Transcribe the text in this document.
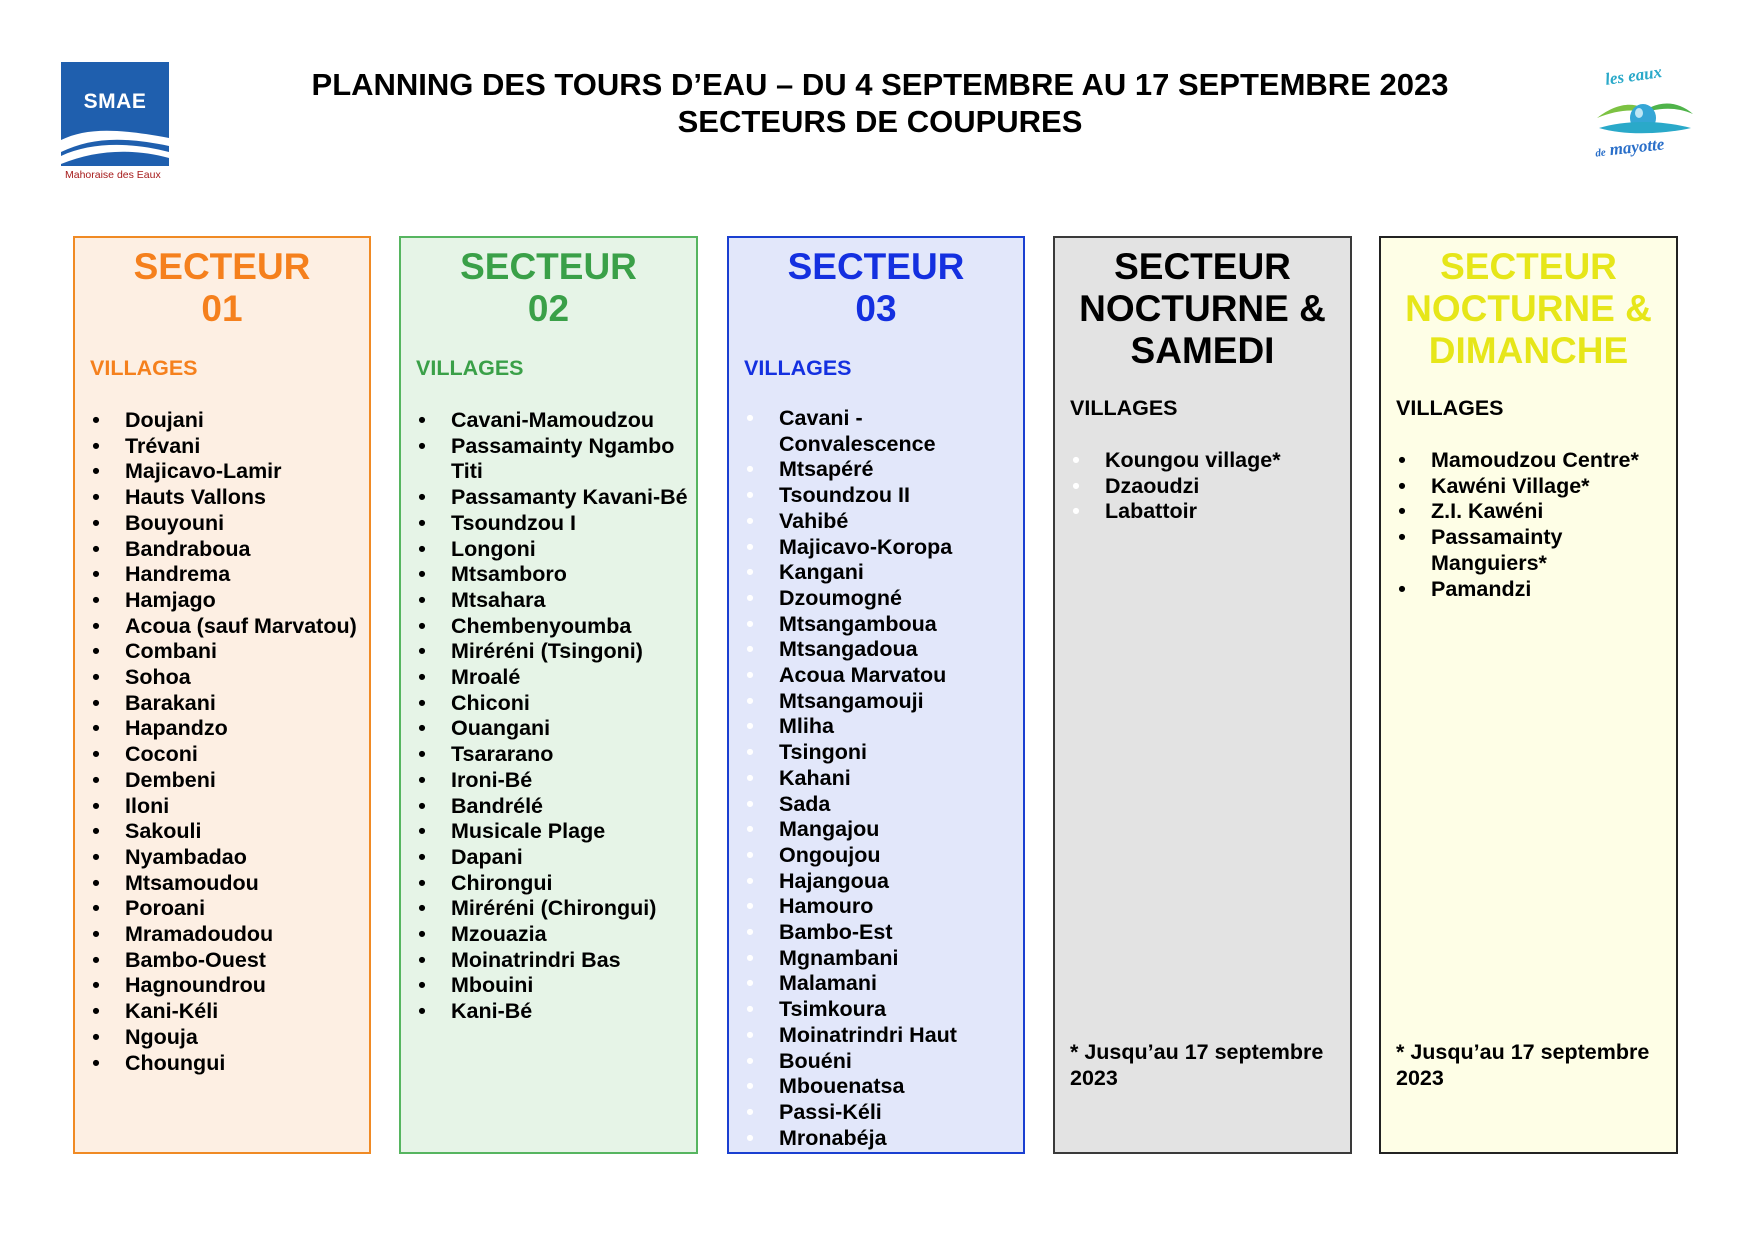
SMAE
Mahoraise des Eaux
PLANNING DES TOURS D’EAU – DU 4 SEPTEMBRE AU 17 SEPTEMBRE 2023
SECTEURS DE COUPURES
les eaux
de mayotte
SECTEUR
01

VILLAGES

• Doujani
• Trévani
• Majicavo-Lamir
• Hauts Vallons
• Bouyouni
• Bandraboua
• Handrema
• Hamjago
• Acoua (sauf Marvatou)
• Combani
• Sohoa
• Barakani
• Hapandzo
• Coconi
• Dembeni
• Iloni
• Sakouli
• Nyambadao
• Mtsamoudou
• Poroani
• Mramadoudou
• Bambo-Ouest
• Hagnoundrou
• Kani-Kéli
• Ngouja
• Choungui
SECTEUR
02

VILLAGES

• Cavani-Mamoudzou
• Passamainty Ngambo Titi
• Passamanty Kavani-Bé
• Tsoundzou I
• Longoni
• Mtsamboro
• Mtsahara
• Chembenyoumba
• Miréréni (Tsingoni)
• Mroalé
• Chiconi
• Ouangani
• Tsararano
• Ironi-Bé
• Bandrélé
• Musicale Plage
• Dapani
• Chirongui
• Miréréni (Chirongui)
• Mzouazia
• Moinatrindri Bas
• Mbouini
• Kani-Bé
SECTEUR
03

VILLAGES

• Cavani - Convalescence
• Mtsapéré
• Tsoundzou II
• Vahibé
• Majicavo-Koropa
• Kangani
• Dzoumogné
• Mtsangamboua
• Mtsangadoua
• Acoua Marvatou
• Mtsangamouji
• Mliha
• Tsingoni
• Kahani
• Sada
• Mangajou
• Ongoujou
• Hajangoua
• Hamouro
• Bambo-Est
• Mgnambani
• Malamani
• Tsimkoura
• Moinatrindri Haut
• Bouéni
• Mbouenatsa
• Passi-Kéli
• Mronabéja
SECTEUR
NOCTURNE &
SAMEDI

VILLAGES

• Koungou village*
• Dzaoudzi
• Labattoir
* Jusqu’au 17 septembre 2023
SECTEUR
NOCTURNE &
DIMANCHE

VILLAGES

• Mamoudzou Centre*
• Kawéni Village*
• Z.I. Kawéni
• Passamainty Manguiers*
• Pamandzi
* Jusqu’au 17 septembre 2023
